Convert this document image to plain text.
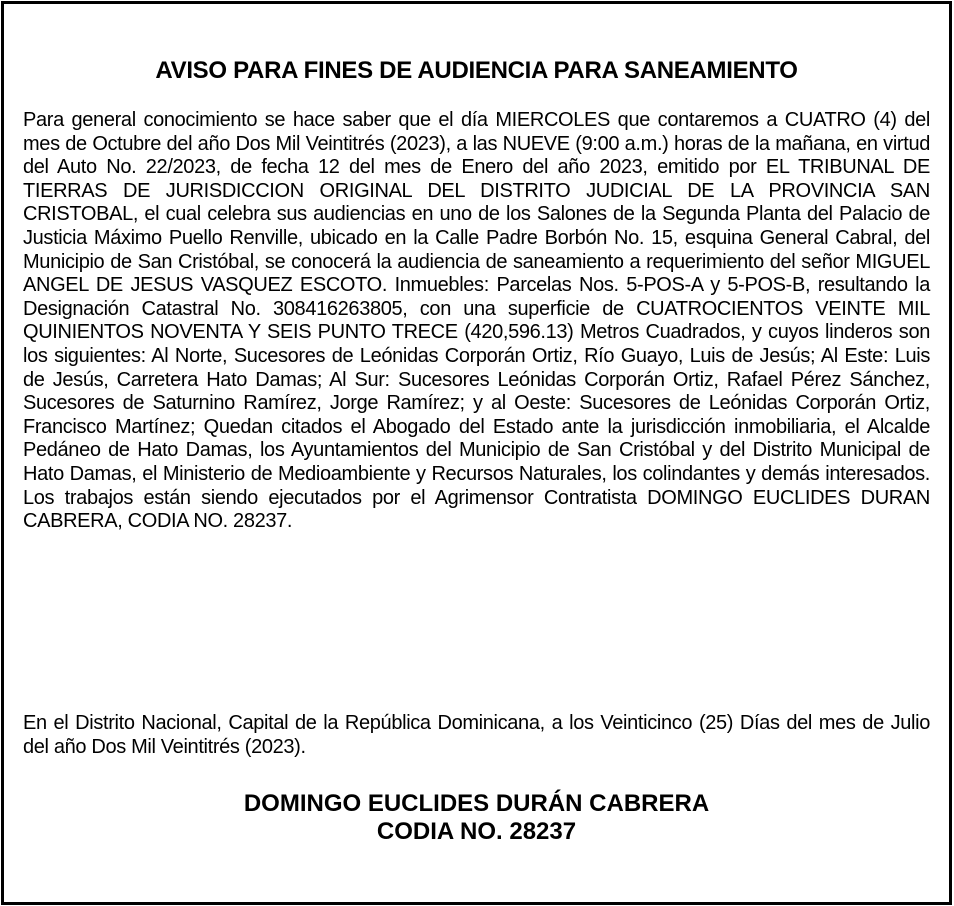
AVISO PARA FINES DE AUDIENCIA PARA SANEAMIENTO

Para general conocimiento se hace saber que el día MIERCOLES que contaremos a CUATRO (4) del mes de Octubre del año Dos Mil Veintitrés (2023), a las NUEVE (9:00 a.m.) horas de la mañana, en virtud del Auto No. 22/2023, de fecha 12 del mes de Enero del año 2023, emitido por EL TRIBUNAL DE TIERRAS DE JURISDICCION ORIGINAL DEL DISTRITO JUDICIAL DE LA PROVINCIA SAN CRISTOBAL, el cual celebra sus audiencias en uno de los Salones de la Segunda Planta del Palacio de Justicia Máximo Puello Renville, ubicado en la Calle Padre Borbón No. 15, esquina General Cabral, del Municipio de San Cristóbal, se conocerá la audiencia de saneamiento a requerimiento del señor MIGUEL ANGEL DE JESUS VASQUEZ ESCOTO. Inmuebles: Parcelas Nos. 5-POS-A y 5-POS-B, resultando la Designación Catastral No. 308416263805, con una superficie de CUATROCIENTOS VEINTE MIL QUINIENTOS NOVENTA Y SEIS PUNTO TRECE (420,596.13) Metros Cuadrados, y cuyos linderos son los siguientes: Al Norte, Sucesores de Leónidas Corporán Ortiz, Río Guayo, Luis de Jesús; Al Este: Luis de Jesús, Carretera Hato Damas; Al Sur: Sucesores Leónidas Corporán Ortiz, Rafael Pérez Sánchez, Sucesores de Saturnino Ramírez, Jorge Ramírez; y al Oeste: Sucesores de Leónidas Corporán Ortiz, Francisco Martínez; Quedan citados el Abogado del Estado ante la jurisdicción inmobiliaria, el Alcalde Pedáneo de Hato Damas, los Ayuntamientos del Municipio de San Cristóbal y del Distrito Municipal de Hato Damas, el Ministerio de Medioambiente y Recursos Naturales, los colindantes y demás interesados. Los trabajos están siendo ejecutados por el Agrimensor Contratista DOMINGO EUCLIDES DURAN CABRERA, CODIA NO. 28237.

En el Distrito Nacional, Capital de la República Dominicana, a los Veinticinco (25) Días del mes de Julio del año Dos Mil Veintitrés (2023).

DOMINGO EUCLIDES DURÁN CABRERA
CODIA NO. 28237
